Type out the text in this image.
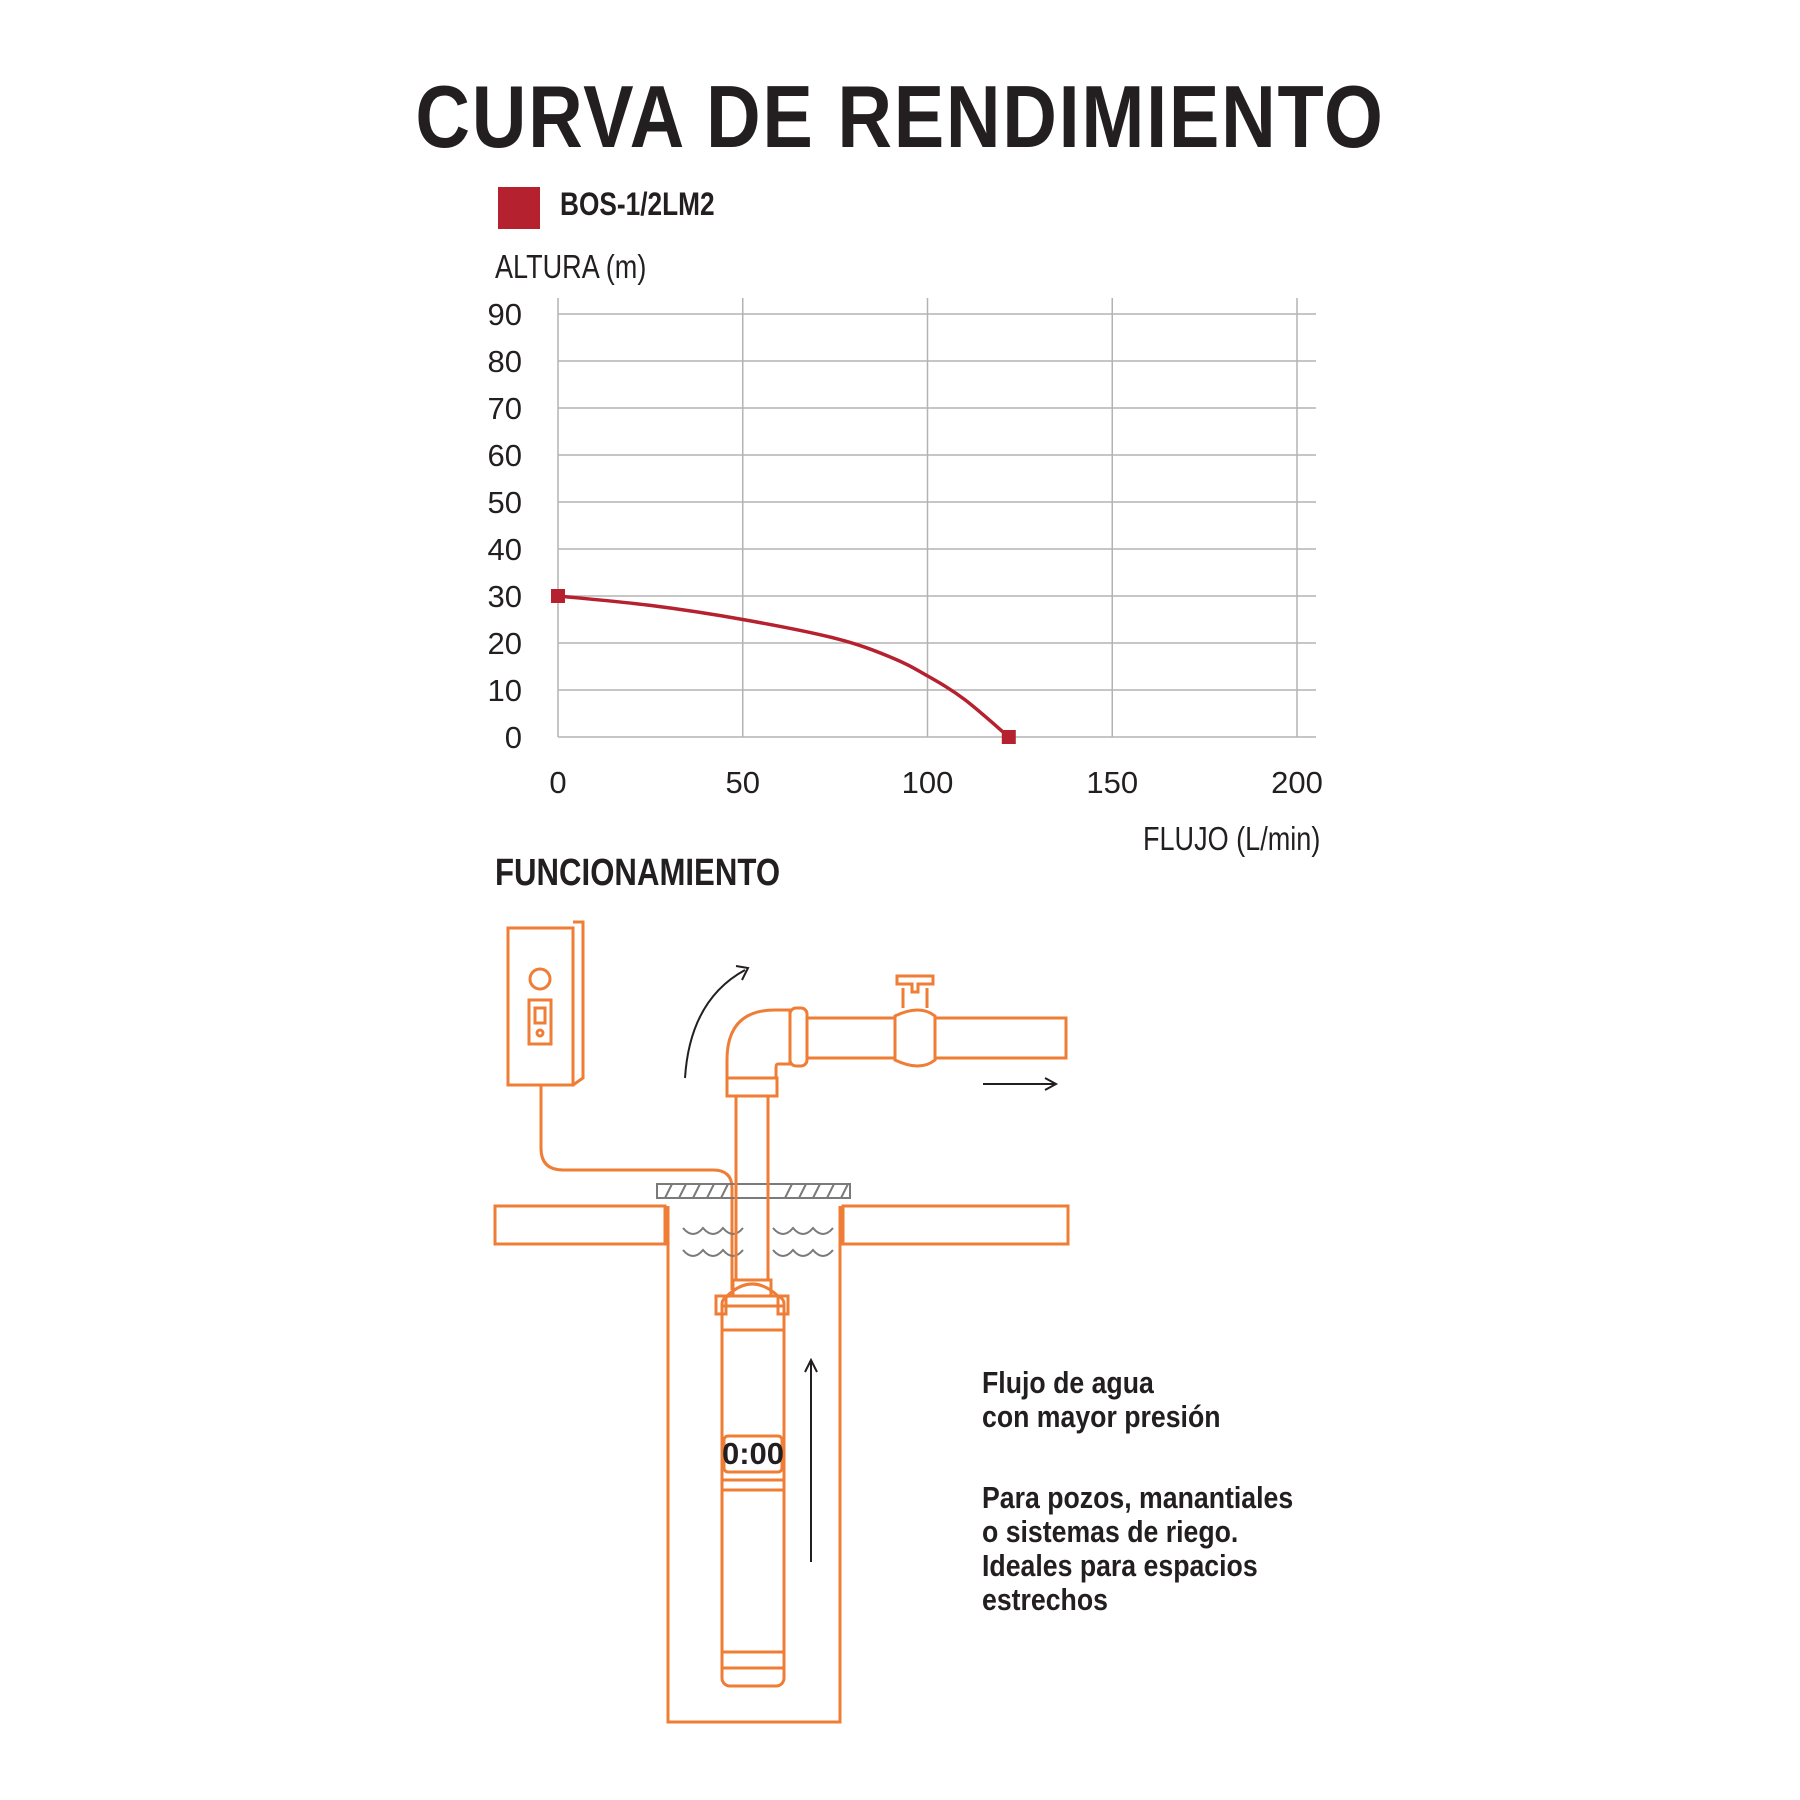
CURVA DE RENDIMIENTO
BOS-1/2LM2
ALTURA (m)
FLUJO (L/min)
FUNCIONAMIENTO
0
10
20
30
40
50
60
70
80
90
0	50	100	150	200
0:00
Flujo de agua
con mayor presión
Para pozos, manantiales
o sistemas de riego.
Ideales para espacios
estrechos
